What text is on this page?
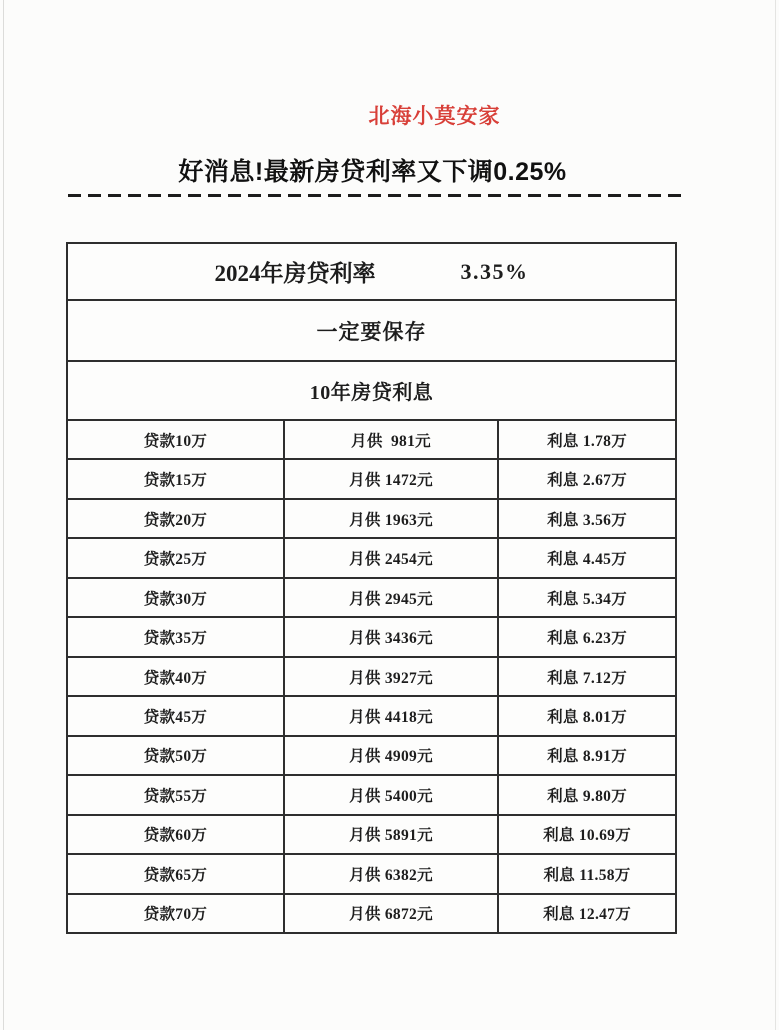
北海小莫安家
好消息!最新房贷利率又下调0.25%
2024年房贷利率	3.35%
一定要保存
10年房贷利息
贷款10万	月供  981元	利息 1.78万
贷款15万	月供 1472元	利息 2.67万
贷款20万	月供 1963元	利息 3.56万
贷款25万	月供 2454元	利息 4.45万
贷款30万	月供 2945元	利息 5.34万
贷款35万	月供 3436元	利息 6.23万
贷款40万	月供 3927元	利息 7.12万
贷款45万	月供 4418元	利息 8.01万
贷款50万	月供 4909元	利息 8.91万
贷款55万	月供 5400元	利息 9.80万
贷款60万	月供 5891元	利息 10.69万
贷款65万	月供 6382元	利息 11.58万
贷款70万	月供 6872元	利息 12.47万
